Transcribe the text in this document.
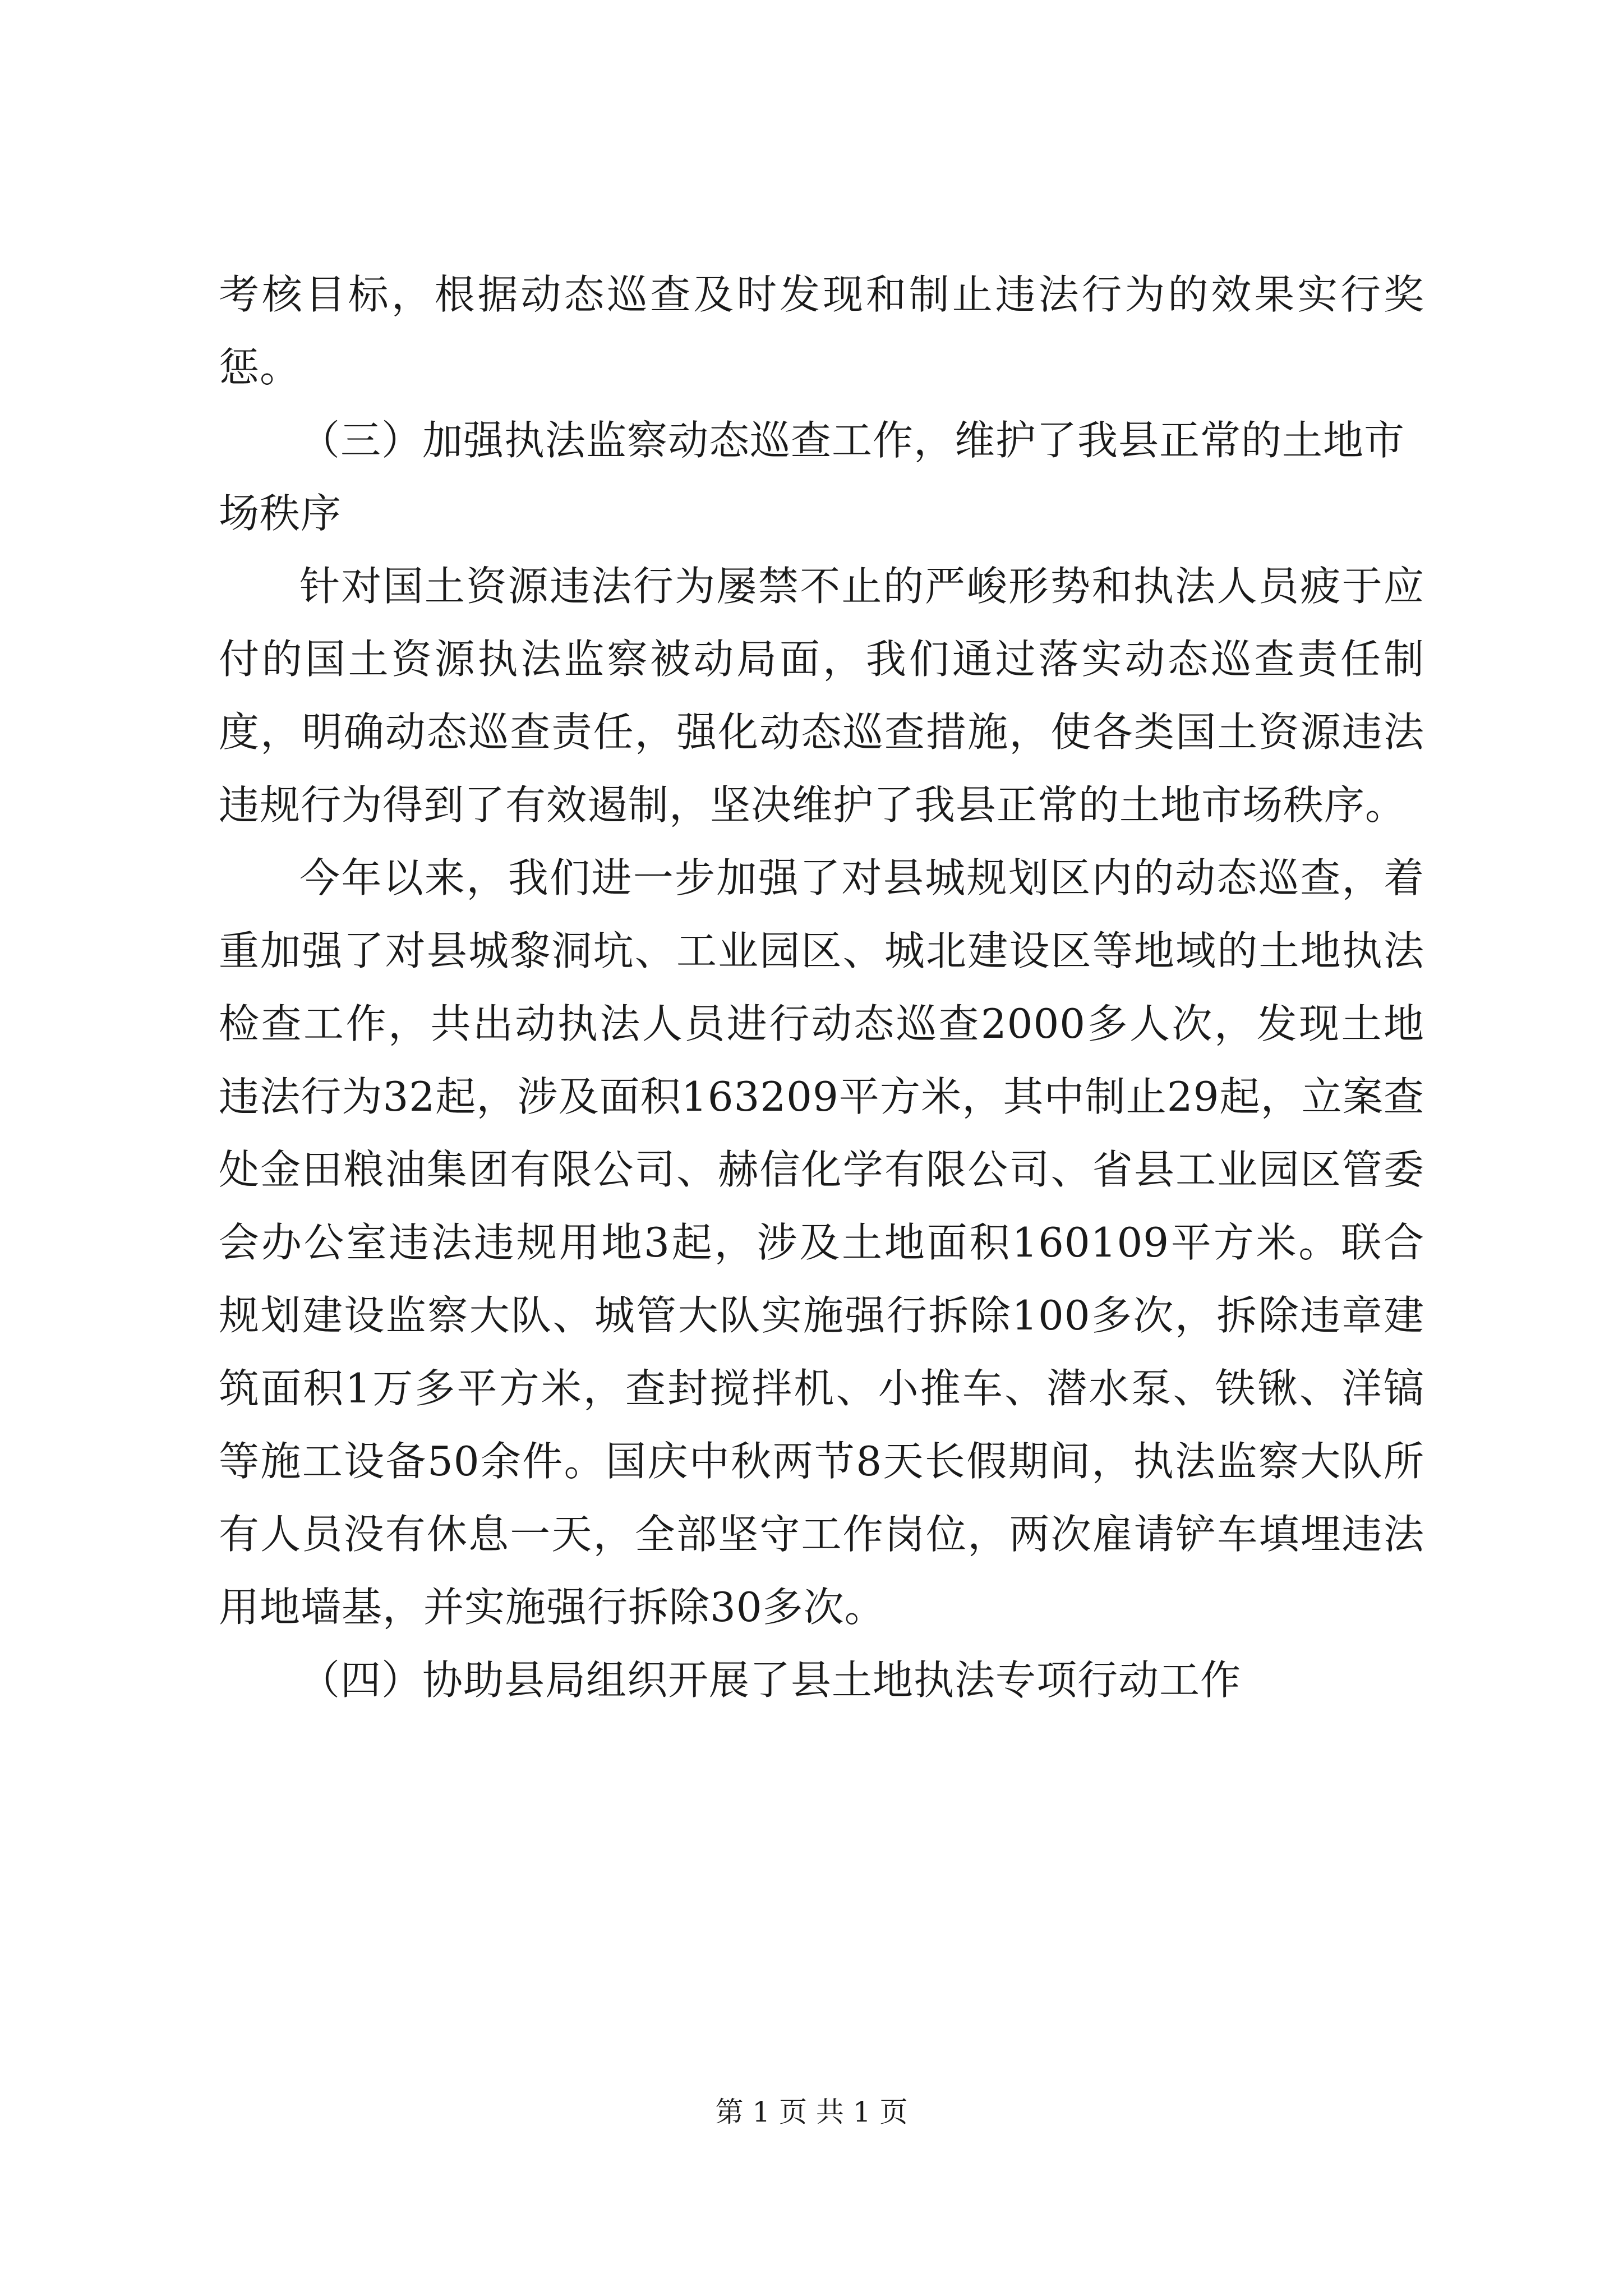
考核目标，根据动态巡查及时发现和制止违法行为的效果实行奖惩。

（三）加强执法监察动态巡查工作，维护了我县正常的土地市场秩序

针对国土资源违法行为屡禁不止的严峻形势和执法人员疲于应付的国土资源执法监察被动局面，我们通过落实动态巡查责任制度，明确动态巡查责任，强化动态巡查措施，使各类国土资源违法违规行为得到了有效遏制，坚决维护了我县正常的土地市场秩序。

今年以来，我们进一步加强了对县城规划区内的动态巡查，着重加强了对县城黎洞坑、工业园区、城北建设区等地域的土地执法检查工作，共出动执法人员进行动态巡查2000多人次，发现土地违法行为32起，涉及面积163209平方米，其中制止29起，立案查处金田粮油集团有限公司、赫信化学有限公司、省县工业园区管委会办公室违法违规用地3起，涉及土地面积160109平方米。联合规划建设监察大队、城管大队实施强行拆除100多次，拆除违章建筑面积1万多平方米，查封搅拌机、小推车、潜水泵、铁锹、洋镐等施工设备50余件。国庆中秋两节8天长假期间，执法监察大队所有人员没有休息一天，全部坚守工作岗位，两次雇请铲车填埋违法用地墙基，并实施强行拆除30多次。

（四）协助县局组织开展了县土地执法专项行动工作

第 1 页 共 1 页
